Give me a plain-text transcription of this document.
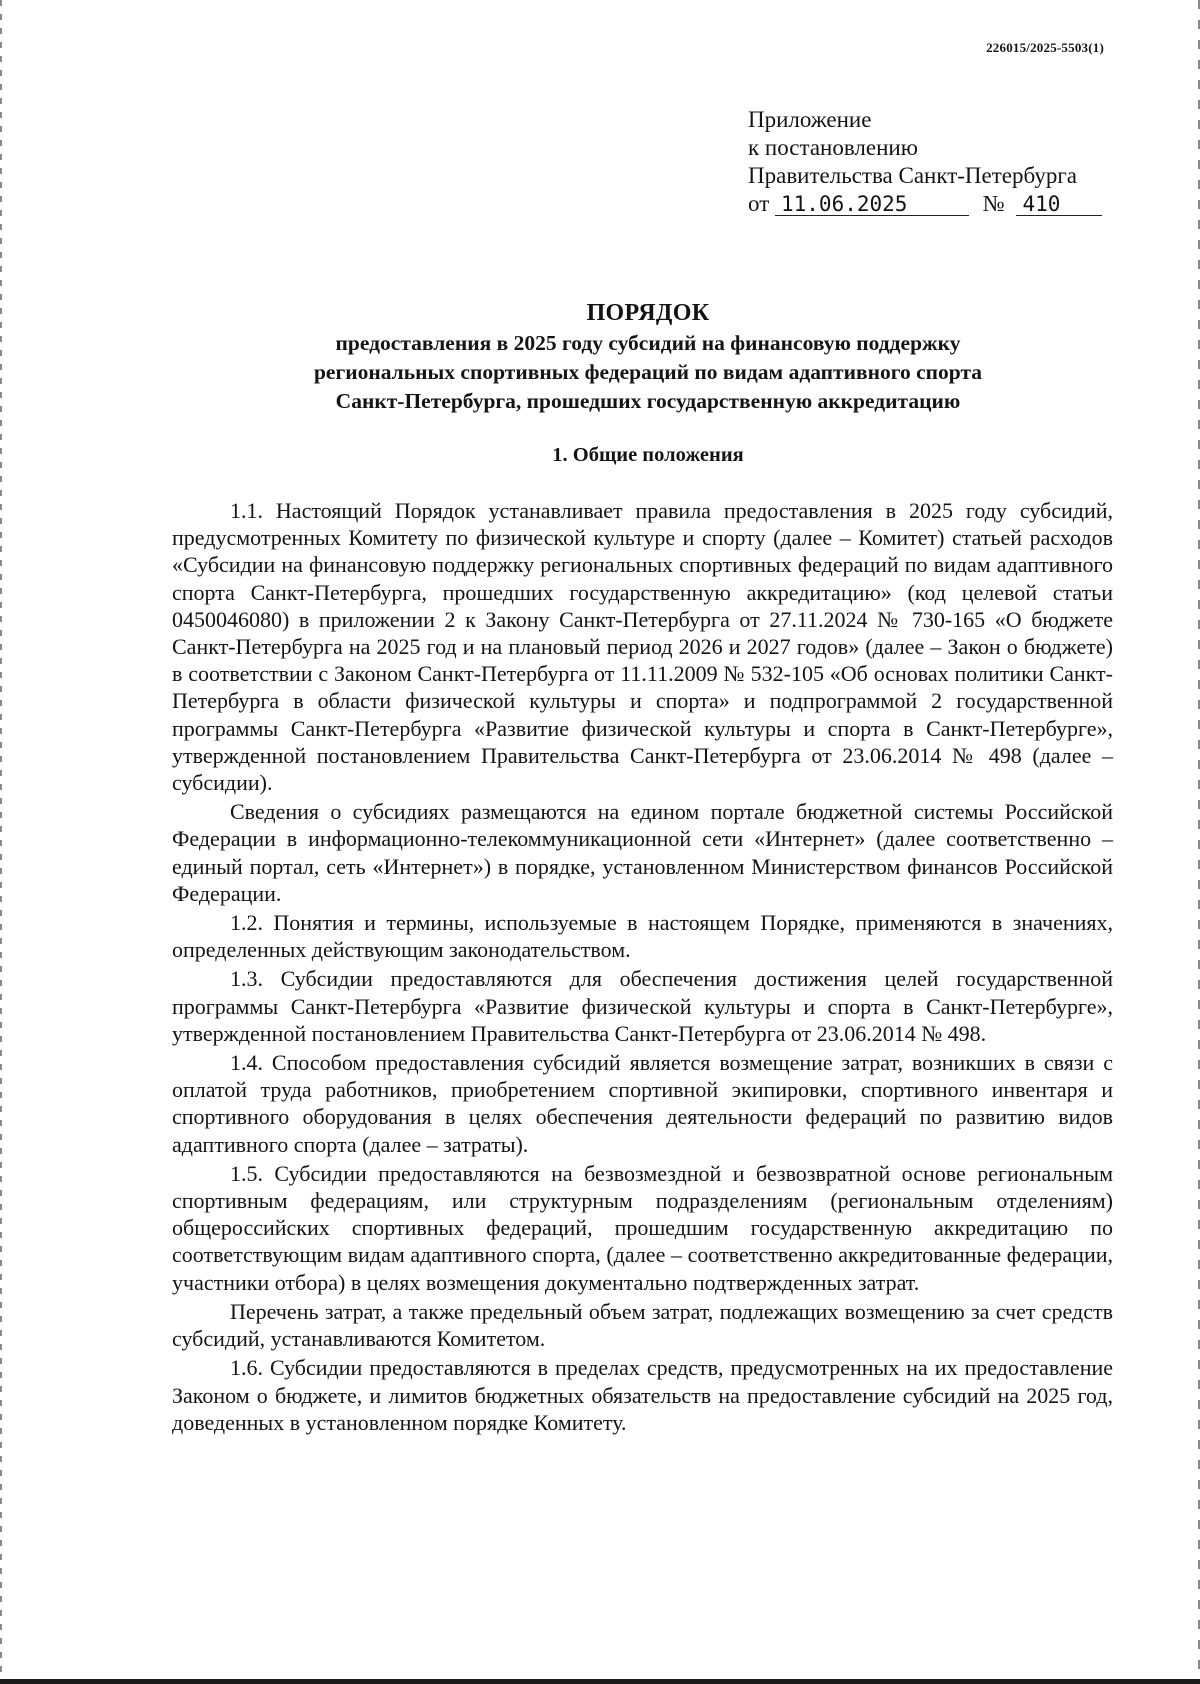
226015/2025-5503(1)
Приложение
к постановлению
Правительства Санкт-Петербурга
от 11.06.2025	№ 410
ПОРЯДОК
предоставления в 2025 году субсидий на финансовую поддержку
региональных спортивных федераций по видам адаптивного спорта
Санкт-Петербурга, прошедших государственную аккредитацию
1. Общие положения

1.1. Настоящий Порядок устанавливает правила предоставления в 2025 году субсидий, предусмотренных Комитету по физической культуре и спорту (далее – Комитет) статьей расходов «Субсидии на финансовую поддержку региональных спортивных федераций по видам адаптивного спорта Санкт-Петербурга, прошедших государственную аккредитацию» (код целевой статьи 0450046080) в приложении 2 к Закону Санкт-Петербурга от 27.11.2024 № 730-165 «О бюджете Санкт-Петербурга на 2025 год и на плановый период 2026 и 2027 годов» (далее – Закон о бюджете) в соответствии с Законом Санкт-Петербурга от 11.11.2009 № 532-105 «Об основах политики Санкт-Петербурга в области физической культуры и спорта» и подпрограммой 2 государственной программы Санкт-Петербурга «Развитие физической культуры и спорта в Санкт-Петербурге», утвержденной постановлением Правительства Санкт-Петербурга от 23.06.2014 № 498 (далее – субсидии).

Сведения о субсидиях размещаются на едином портале бюджетной системы Российской Федерации в информационно-телекоммуникационной сети «Интернет» (далее соответственно – единый портал, сеть «Интернет») в порядке, установленном Министерством финансов Российской Федерации.

1.2. Понятия и термины, используемые в настоящем Порядке, применяются в значениях, определенных действующим законодательством.

1.3. Субсидии предоставляются для обеспечения достижения целей государственной программы Санкт-Петербурга «Развитие физической культуры и спорта в Санкт-Петербурге», утвержденной постановлением Правительства Санкт-Петербурга от 23.06.2014 № 498.

1.4. Способом предоставления субсидий является возмещение затрат, возникших в связи с оплатой труда работников, приобретением спортивной экипировки, спортивного инвентаря и спортивного оборудования в целях обеспечения деятельности федераций по развитию видов адаптивного спорта (далее – затраты).

1.5. Субсидии предоставляются на безвозмездной и безвозвратной основе региональным спортивным федерациям, или структурным подразделениям (региональным отделениям) общероссийских спортивных федераций, прошедшим государственную аккредитацию по соответствующим видам адаптивного спорта, (далее – соответственно аккредитованные федерации, участники отбора) в целях возмещения документально подтвержденных затрат.

Перечень затрат, а также предельный объем затрат, подлежащих возмещению за счет средств субсидий, устанавливаются Комитетом.

1.6. Субсидии предоставляются в пределах средств, предусмотренных на их предоставление Законом о бюджете, и лимитов бюджетных обязательств на предоставление субсидий на 2025 год, доведенных в установленном порядке Комитету.
